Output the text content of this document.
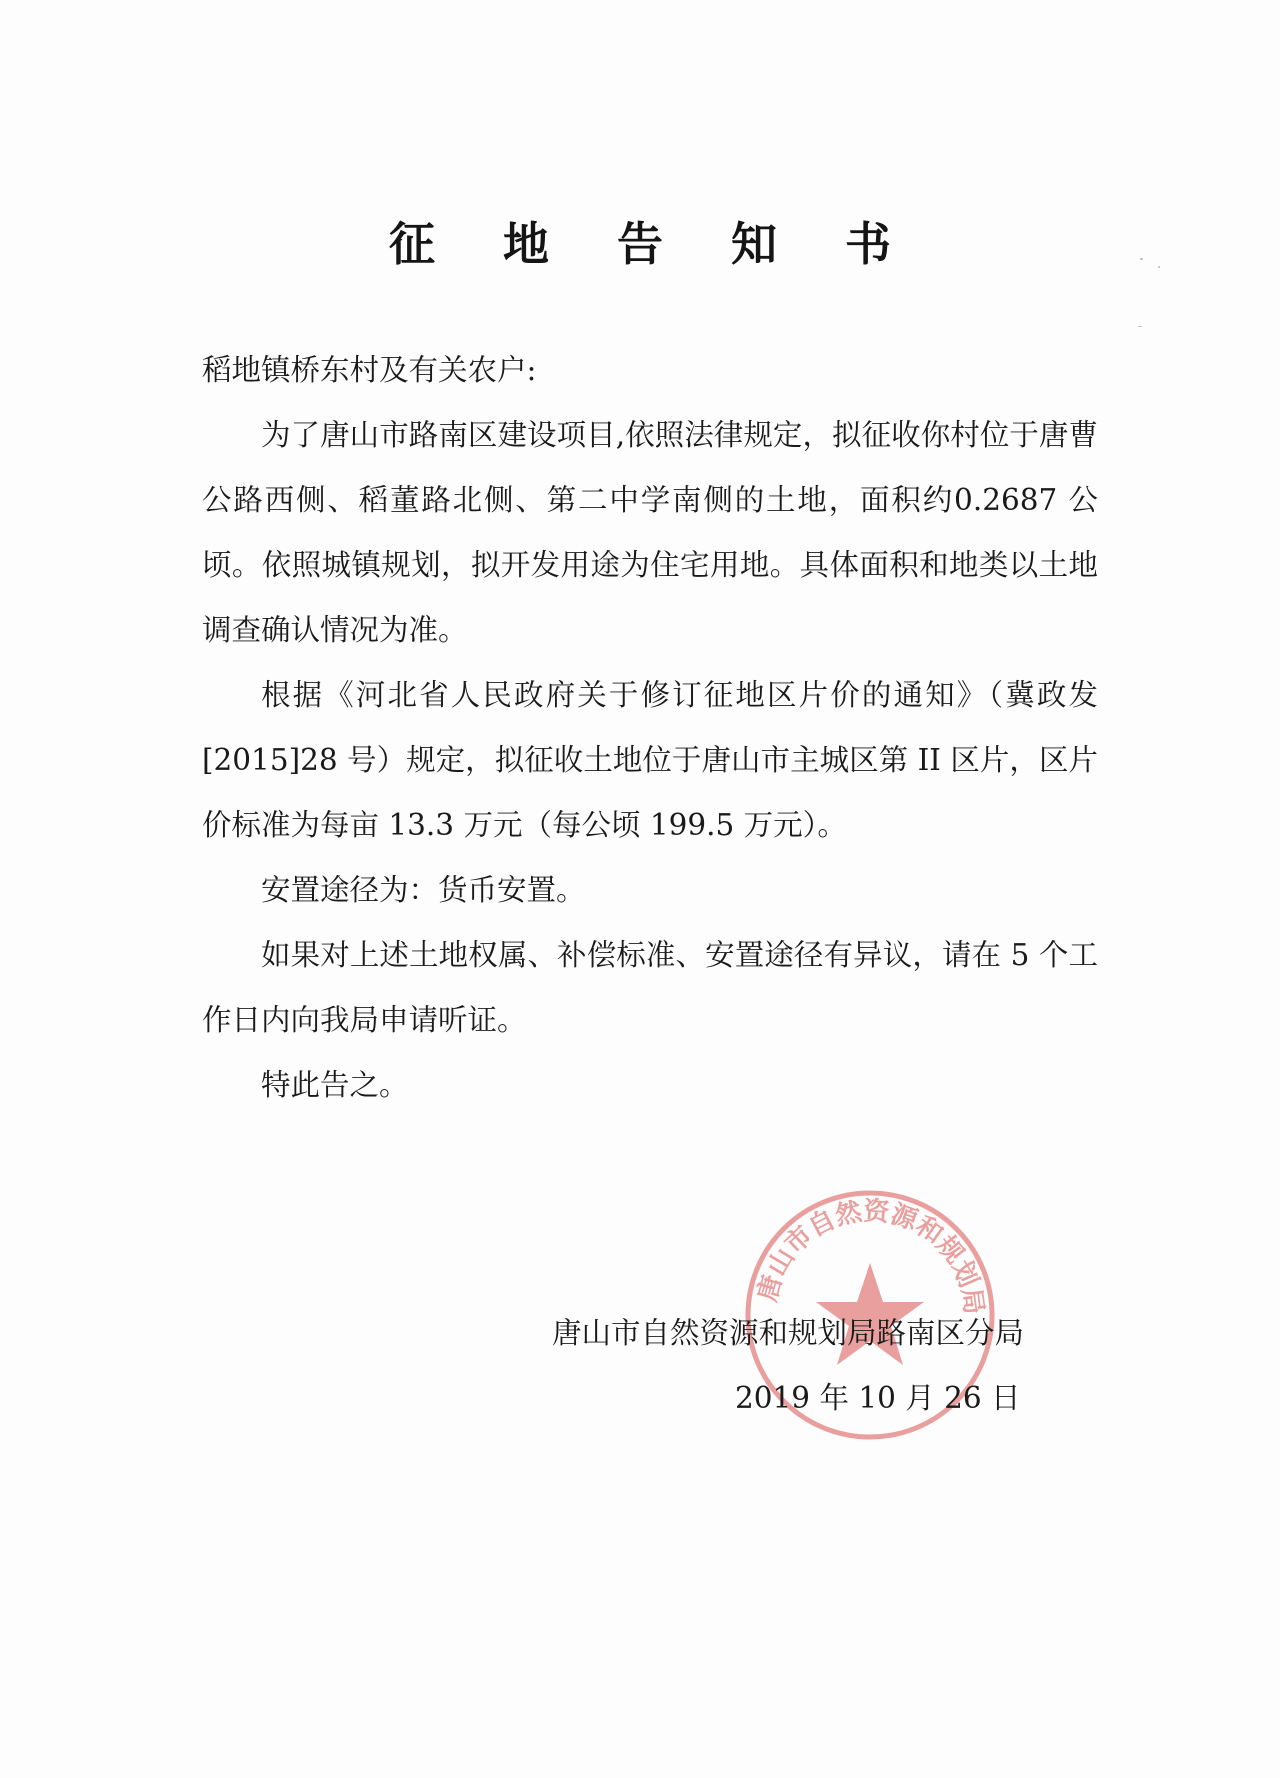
征 地 告 知 书
稻地镇桥东村及有关农户:

为了唐山市路南区建设项目,依照法律规定，拟征收你村位于唐曹公路西侧、稻董路北侧、第二中学南侧的土地，面积约0.2687 公顷。依照城镇规划，拟开发用途为住宅用地。具体面积和地类以土地调查确认情况为准。

根据《河北省人民政府关于修订征地区片价的通知》（冀政发[2015]28 号）规定，拟征收土地位于唐山市主城区第 II 区片，区片价标准为每亩 13.3 万元（每公顷 199.5 万元）。

安置途径为：货币安置。

如果对上述土地权属、补偿标准、安置途径有异议，请在 5 个工作日内向我局申请听证。

特此告之。

唐山市自然资源和规划局
唐山市自然资源和规划局路南区分局
2019 年 10 月 26 日
